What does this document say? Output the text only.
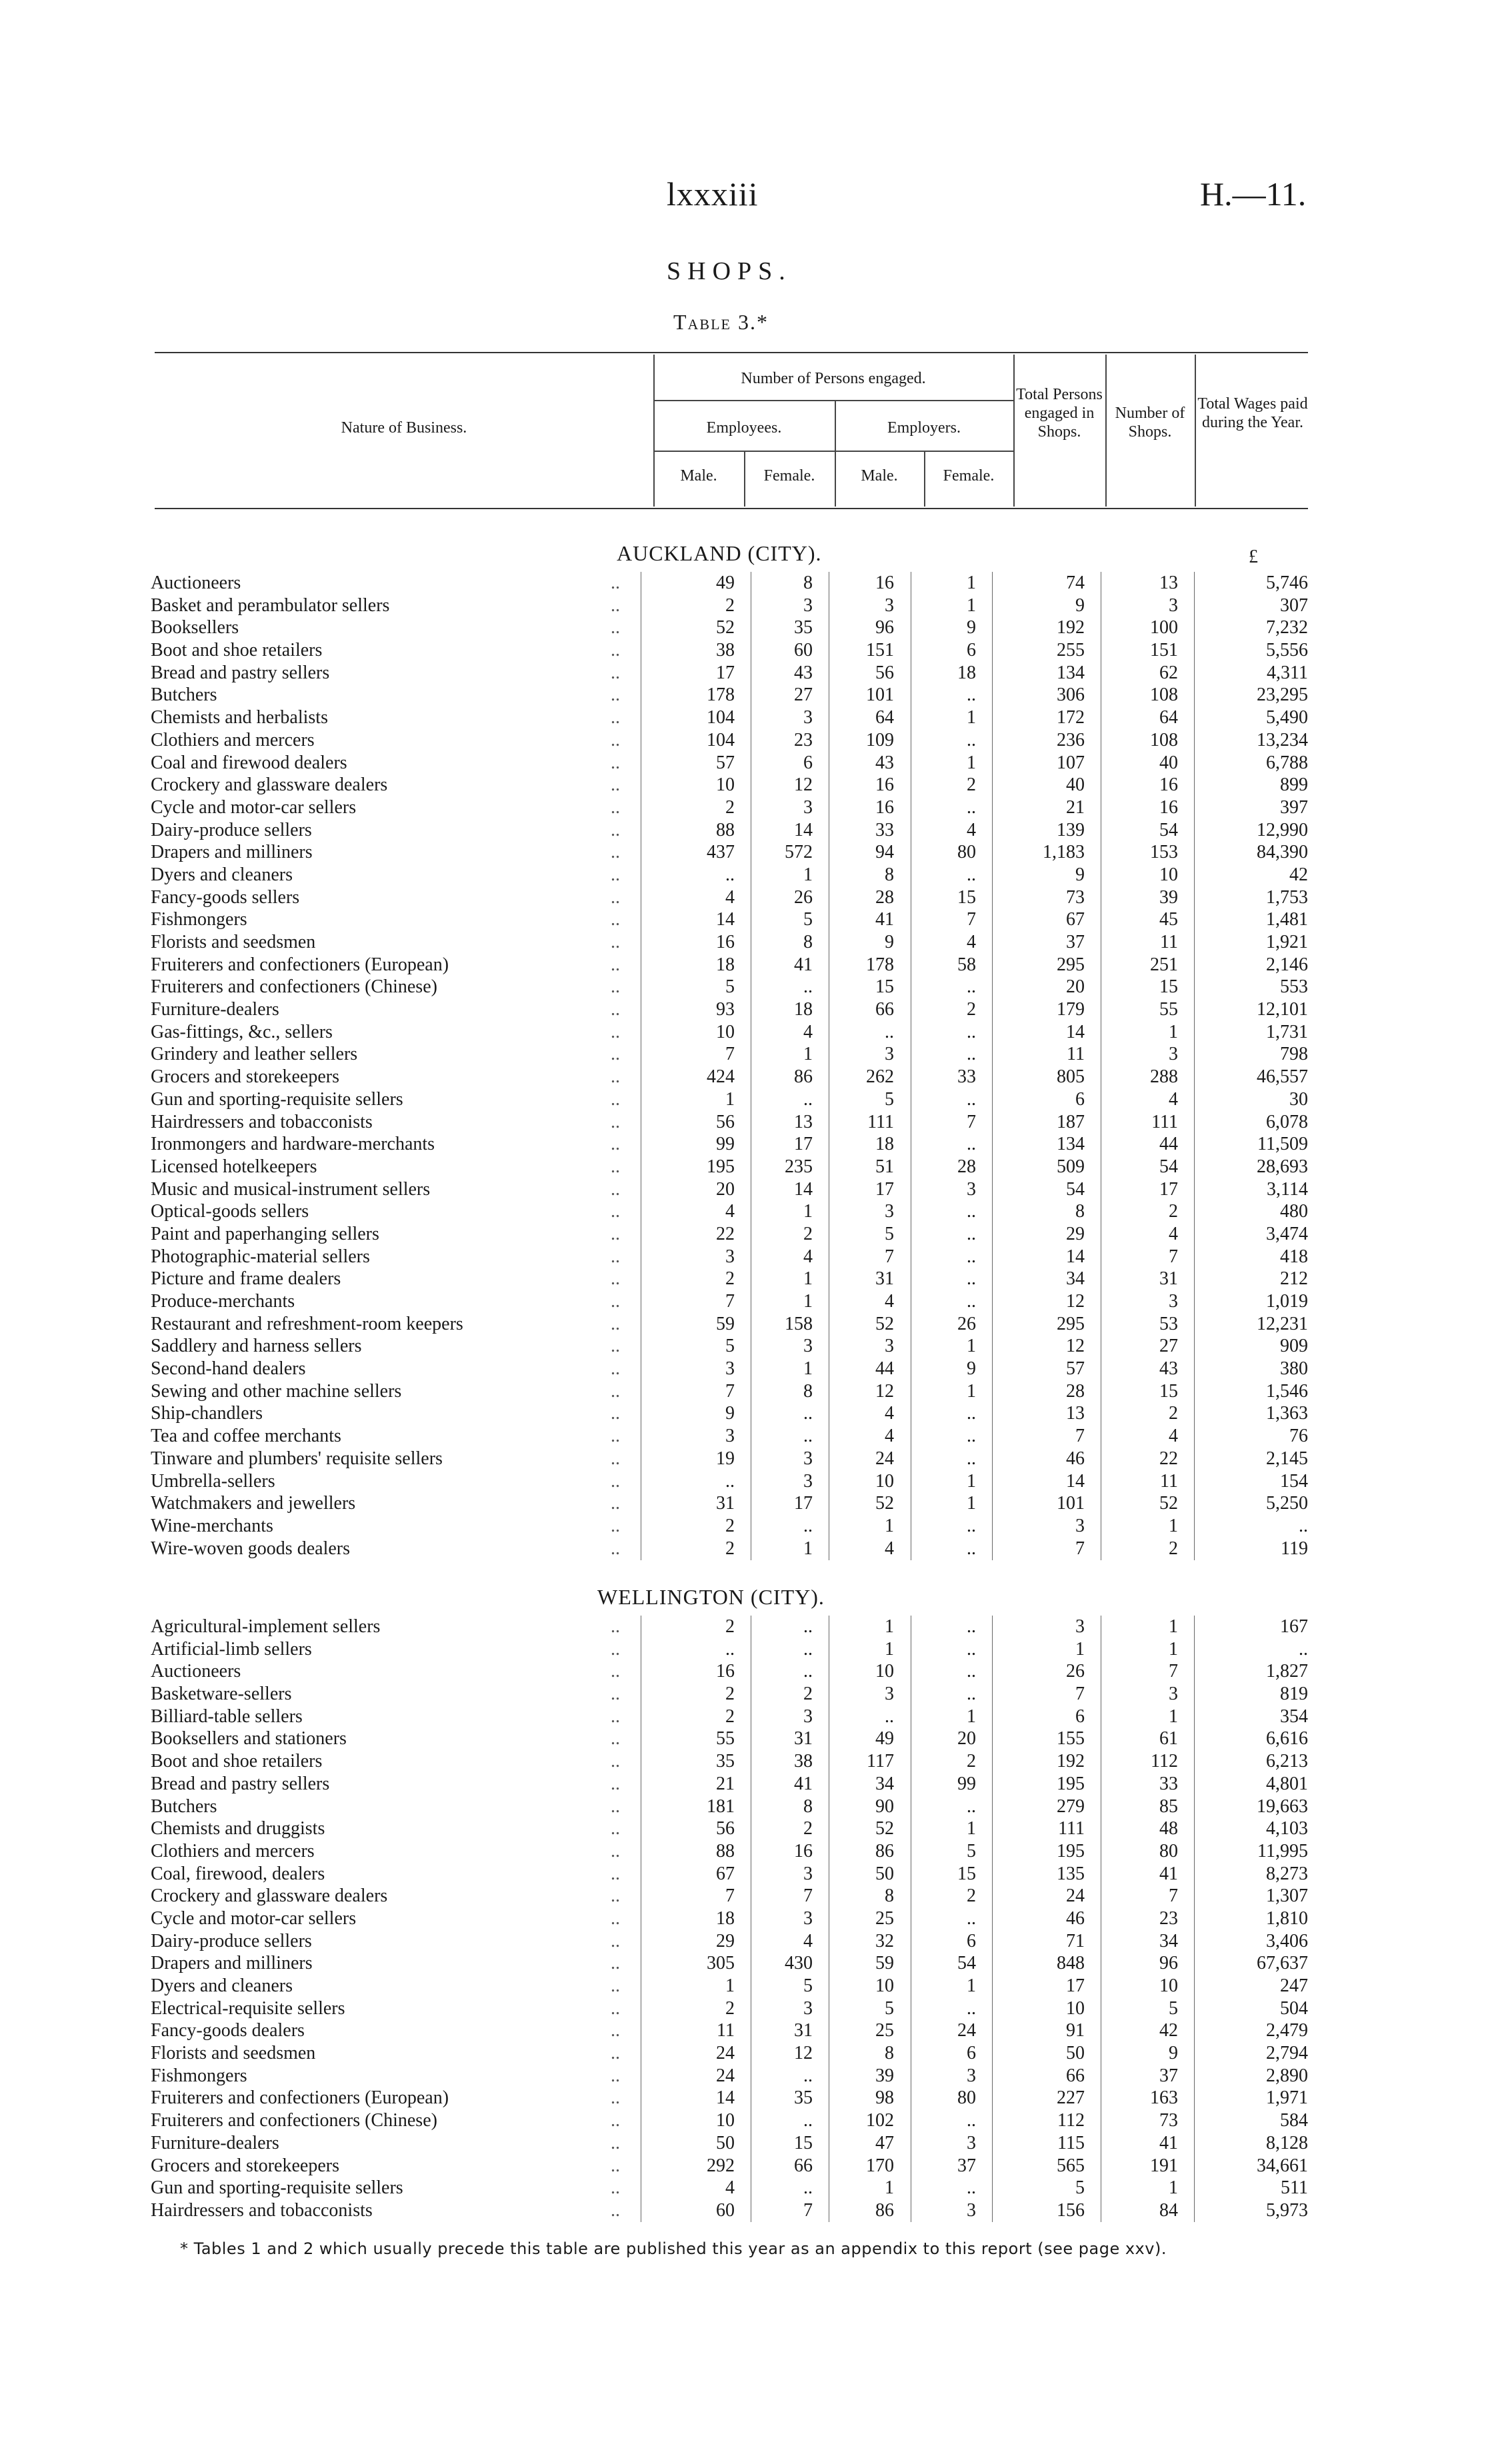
lxxxiii	H.—11.
SHOPS.
Table 3.*
Nature of Business.
Number of Persons engaged.
Employees.	Employers.
Male.	Female.	Male.	Female.
Total Persons engaged in Shops.
Number of Shops.
Total Wages paid during the Year.
AUCKLAND (CITY).	£
Auctioneers	..	49	8	16	1	74	13	5,746
Basket and perambulator sellers	..	2	3	3	1	9	3	307
Booksellers	..	52	35	96	9	192	100	7,232
Boot and shoe retailers	..	38	60	151	6	255	151	5,556
Bread and pastry sellers	..	17	43	56	18	134	62	4,311
Butchers	..	178	27	101	..	306	108	23,295
Chemists and herbalists	..	104	3	64	1	172	64	5,490
Clothiers and mercers	..	104	23	109	..	236	108	13,234
Coal and firewood dealers	..	57	6	43	1	107	40	6,788
Crockery and glassware dealers	..	10	12	16	2	40	16	899
Cycle and motor-car sellers	..	2	3	16	..	21	16	397
Dairy-produce sellers	..	88	14	33	4	139	54	12,990
Drapers and milliners	..	437	572	94	80	1,183	153	84,390
Dyers and cleaners	..	..	1	8	..	9	10	42
Fancy-goods sellers	..	4	26	28	15	73	39	1,753
Fishmongers	..	14	5	41	7	67	45	1,481
Florists and seedsmen	..	16	8	9	4	37	11	1,921
Fruiterers and confectioners (European)	..	18	41	178	58	295	251	2,146
Fruiterers and confectioners (Chinese)	..	5	..	15	..	20	15	553
Furniture-dealers	..	93	18	66	2	179	55	12,101
Gas-fittings, &c., sellers	..	10	4	..	..	14	1	1,731
Grindery and leather sellers	..	7	1	3	..	11	3	798
Grocers and storekeepers	..	424	86	262	33	805	288	46,557
Gun and sporting-requisite sellers	..	1	..	5	..	6	4	30
Hairdressers and tobacconists	..	56	13	111	7	187	111	6,078
Ironmongers and hardware-merchants	..	99	17	18	..	134	44	11,509
Licensed hotelkeepers	..	195	235	51	28	509	54	28,693
Music and musical-instrument sellers	..	20	14	17	3	54	17	3,114
Optical-goods sellers	..	4	1	3	..	8	2	480
Paint and paperhanging sellers	..	22	2	5	..	29	4	3,474
Photographic-material sellers	..	3	4	7	..	14	7	418
Picture and frame dealers	..	2	1	31	..	34	31	212
Produce-merchants	..	7	1	4	..	12	3	1,019
Restaurant and refreshment-room keepers	..	59	158	52	26	295	53	12,231
Saddlery and harness sellers	..	5	3	3	1	12	27	909
Second-hand dealers	..	3	1	44	9	57	43	380
Sewing and other machine sellers	..	7	8	12	1	28	15	1,546
Ship-chandlers	..	9	..	4	..	13	2	1,363
Tea and coffee merchants	..	3	..	4	..	7	4	76
Tinware and plumbers' requisite sellers	..	19	3	24	..	46	22	2,145
Umbrella-sellers	..	..	3	10	1	14	11	154
Watchmakers and jewellers	..	31	17	52	1	101	52	5,250
Wine-merchants	..	2	..	1	..	3	1	..
Wire-woven goods dealers	..	2	1	4	..	7	2	119
WELLINGTON (CITY).
Agricultural-implement sellers	..	2	..	1	..	3	1	167
Artificial-limb sellers	..	..	..	1	..	1	1	..
Auctioneers	..	16	..	10	..	26	7	1,827
Basketware-sellers	..	2	2	3	..	7	3	819
Billiard-table sellers	..	2	3	..	1	6	1	354
Booksellers and stationers	..	55	31	49	20	155	61	6,616
Boot and shoe retailers	..	35	38	117	2	192	112	6,213
Bread and pastry sellers	..	21	41	34	99	195	33	4,801
Butchers	..	181	8	90	..	279	85	19,663
Chemists and druggists	..	56	2	52	1	111	48	4,103
Clothiers and mercers	..	88	16	86	5	195	80	11,995
Coal, firewood, dealers	..	67	3	50	15	135	41	8,273
Crockery and glassware dealers	..	7	7	8	2	24	7	1,307
Cycle and motor-car sellers	..	18	3	25	..	46	23	1,810
Dairy-produce sellers	..	29	4	32	6	71	34	3,406
Drapers and milliners	..	305	430	59	54	848	96	67,637
Dyers and cleaners	..	1	5	10	1	17	10	247
Electrical-requisite sellers	..	2	3	5	..	10	5	504
Fancy-goods dealers	..	11	31	25	24	91	42	2,479
Florists and seedsmen	..	24	12	8	6	50	9	2,794
Fishmongers	..	24	..	39	3	66	37	2,890
Fruiterers and confectioners (European)	..	14	35	98	80	227	163	1,971
Fruiterers and confectioners (Chinese)	..	10	..	102	..	112	73	584
Furniture-dealers	..	50	15	47	3	115	41	8,128
Grocers and storekeepers	..	292	66	170	37	565	191	34,661
Gun and sporting-requisite sellers	..	4	..	1	..	5	1	511
Hairdressers and tobacconists	..	60	7	86	3	156	84	5,973
* Tables 1 and 2 which usually precede this table are published this year as an appendix to this report (see page xxv).
